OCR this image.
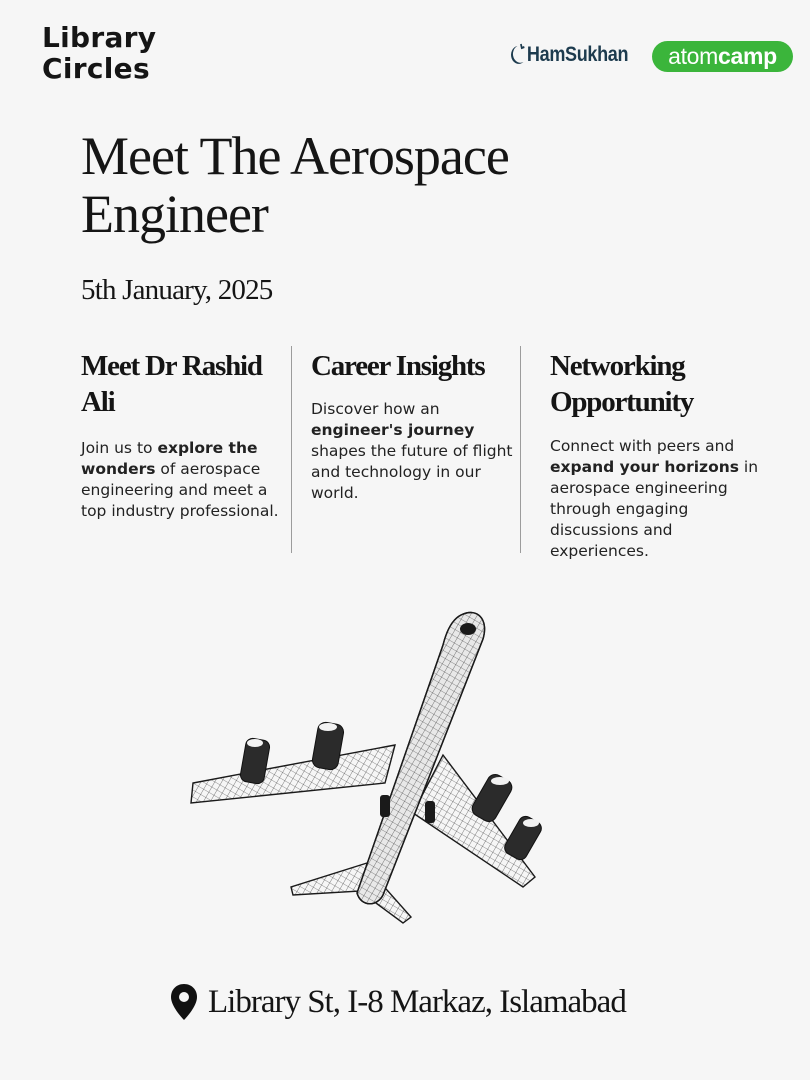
Library
Circles	HamSukhan	atomcamp
Meet The Aerospace
Engineer
5th January, 2025
Meet Dr Rashid Ali

Join us to explore the wonders of aerospace engineering and meet a top industry professional.

Career Insights

Discover how an engineer's journey shapes the future of flight and technology in our world.

Networking Opportunity

Connect with peers and expand your horizons in aerospace engineering through engaging discussions and experiences.

Library St, I-8 Markaz, Islamabad
